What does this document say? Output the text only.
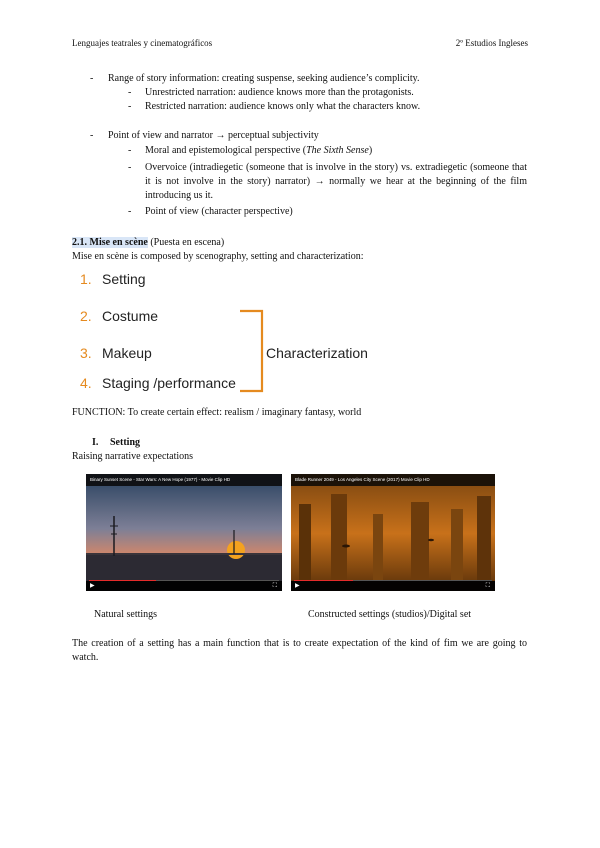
Lenguajes teatrales y cinematográficos	2º Estudios Ingleses
- Range of story information: creating suspense, seeking audience’s complicity.
- Unrestricted narration: audience knows more than the protagonists.
- Restricted narration: audience knows only what the characters know.
- Point of view and narrator → perceptual subjectivity
- Moral and epistemological perspective (The Sixth Sense)
- Overvoice (intradiegetic (someone that is involve in the story) vs. extradiegetic (someone that it is not involve in the story) narrator) → normally we hear at the beginning of the film introducing us it.
- Point of view (character perspective)
2.1. Mise en scène (Puesta en escena)
Mise en scène is composed by scenography, setting and characterization:
1. Setting
2. Costume
3. Makeup
4. Staging /performance
Characterization
FUNCTION: To create certain effect: realism / imaginary fantasy, world
I. Setting
Raising narrative expectations
Binary Sunset Scene - Star Wars: A New Hope (1977) - Movie Clip HD
▶	⛶
Blade Runner 2049 - Los Angeles City Scene (2017) Movie Clip HD
▶	⛶
Natural settings	Constructed settings (studios)/Digital set
The creation of a setting has a main function that is to create expectation of the kind of fim we are going to watch.
